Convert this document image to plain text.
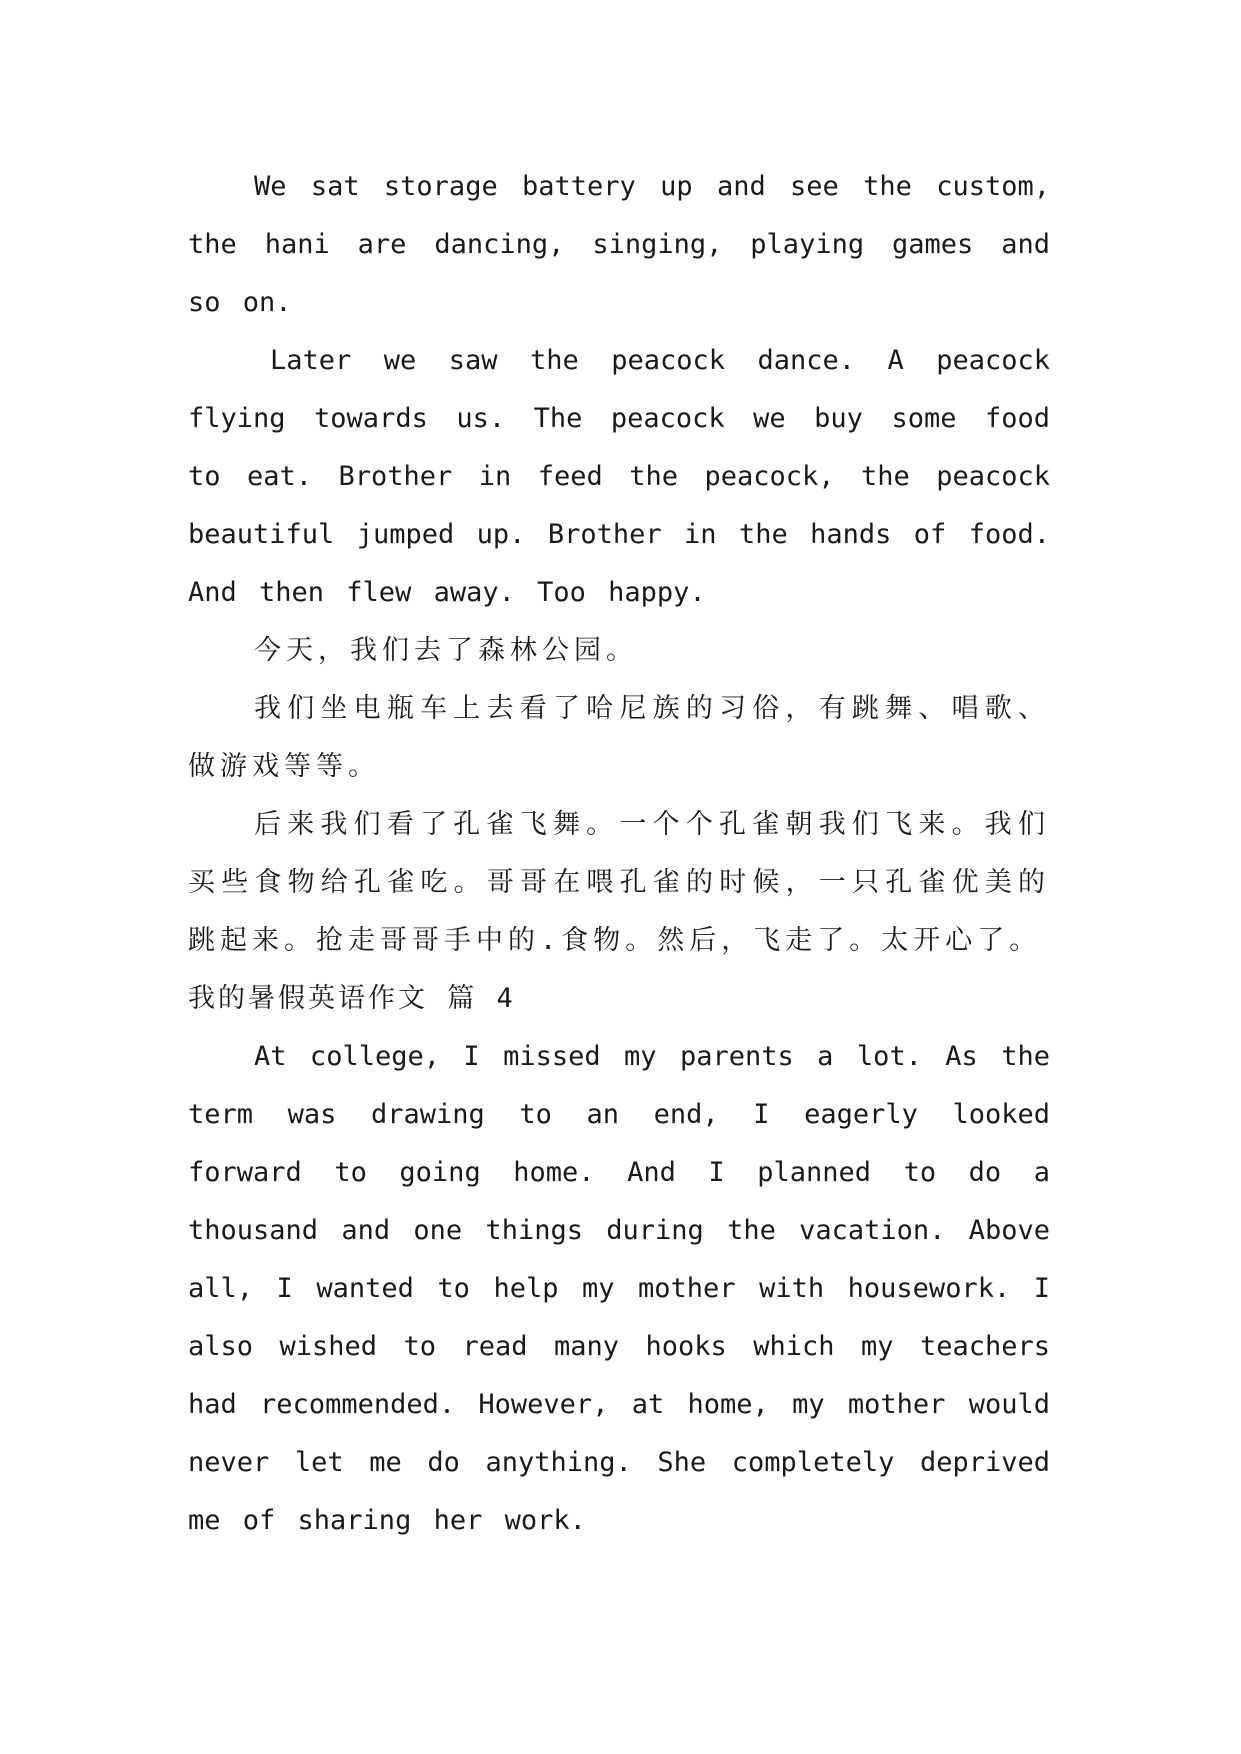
We sat storage battery up and see the custom, the hani are dancing, singing, playing games and so on.

Later we saw the peacock dance. A peacock flying towards us. The peacock we buy some food to eat. Brother in feed the peacock, the peacock beautiful jumped up. Brother in the hands of food. And then flew away. Too happy.

今天，我们去了森林公园。

我们坐电瓶车上去看了哈尼族的习俗，有跳舞、唱歌、做游戏等等。

后来我们看了孔雀飞舞。一个个孔雀朝我们飞来。我们买些食物给孔雀吃。哥哥在喂孔雀的时候，一只孔雀优美的跳起来。抢走哥哥手中的.食物。然后，飞走了。太开心了。

我的暑假英语作文 篇 4

At college, I missed my parents a lot. As the term was drawing to an end, I eagerly looked forward to going home. And I planned to do a thousand and one things during the vacation. Above all, I wanted to help my mother with housework. I also wished to read many hooks which my teachers had recommended. However, at home, my mother would never let me do anything. She completely deprived me of sharing her work.
